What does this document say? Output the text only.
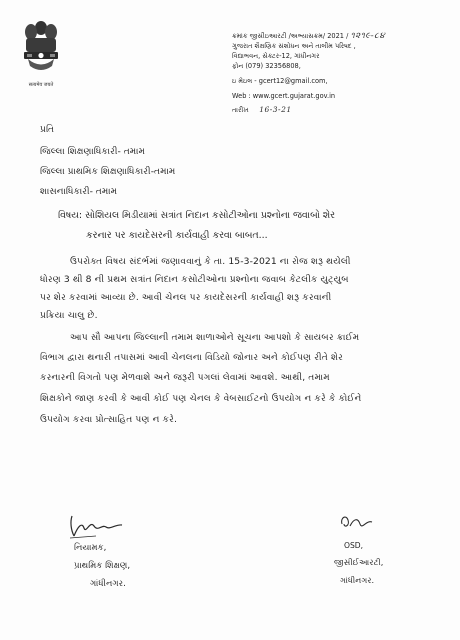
सत्यमेव जयते
ક્રમાંક જીસીઇઆરટી /અભ્યાસક્રમ/ 2021 / ૧૨૧૯-૮૪
ગુજરાત શૈક્ષણિક સંશોધન અને તાલીમ પરિષદ ,
વિદ્યાભવન, સેક્ટર-12, ગાંધીનગર
ફોન (079) 32356808,
ઇ મેઇલ - gcert12@gmail.com,
Web : www.gcert.gujarat.gov.in
તારીખ 16-3-21
પ્રતિ
જિલ્લા શિક્ષણાધિકારી- તમામ
જિલ્લા પ્રાથમિક શિક્ષણાધિકારી-તમામ
શાસનાધિકારી- તમામ
વિષય: સોશિયલ મિડીયામાં સત્રાંત નિદાન કસોટીઓના પ્રશ્નોના જવાબો શેર
કરનાર પર કાયદેસરની કાર્યવાહી કરવા બાબત...
ઉપરોક્ત વિષય સંદર્ભમાં જણાવવાનું કે તા. 15-3-2021 ના રોજ શરૂ થયેલી
ધોરણ 3 થી 8 ની પ્રથમ સત્રાંત નિદાન કસોટીઓના પ્રશ્નોના જવાબ કેટલીક યુટ્યુબ
પર શેર કરવામાં આવ્યા છે. આવી ચેનલ પર કાયદેસરની કાર્યવાહી શરૂ કરવાની
પ્રક્રિયા ચાલુ છે.
આપ સૌ આપના જિલ્લાની તમામ શાળાઓને સૂચના આપશો કે સાયબર ક્રાઈમ
વિભાગ દ્વારા થનારી તપાસમાં આવી ચેનલના વિડિયો જોનાર અને કોઈપણ રીતે શેર
કરનારની વિગતો પણ મેળવાશે અને જરૂરી પગલાં લેવામાં આવશે. આથી, તમામ
શિક્ષકોને જાણ કરવી કે આવી કોઈ પણ ચેનલ કે વેબસાઈટનો ઉપયોગ ન કરે કે કોઈને
ઉપયોગ કરવા પ્રોત્સાહિત પણ ન કરે.
નિયામક,
પ્રાથમિક શિક્ષણ,
ગાંધીનગર.
OSD,
જીસીઈઆરટી,
ગાંધીનગર.
